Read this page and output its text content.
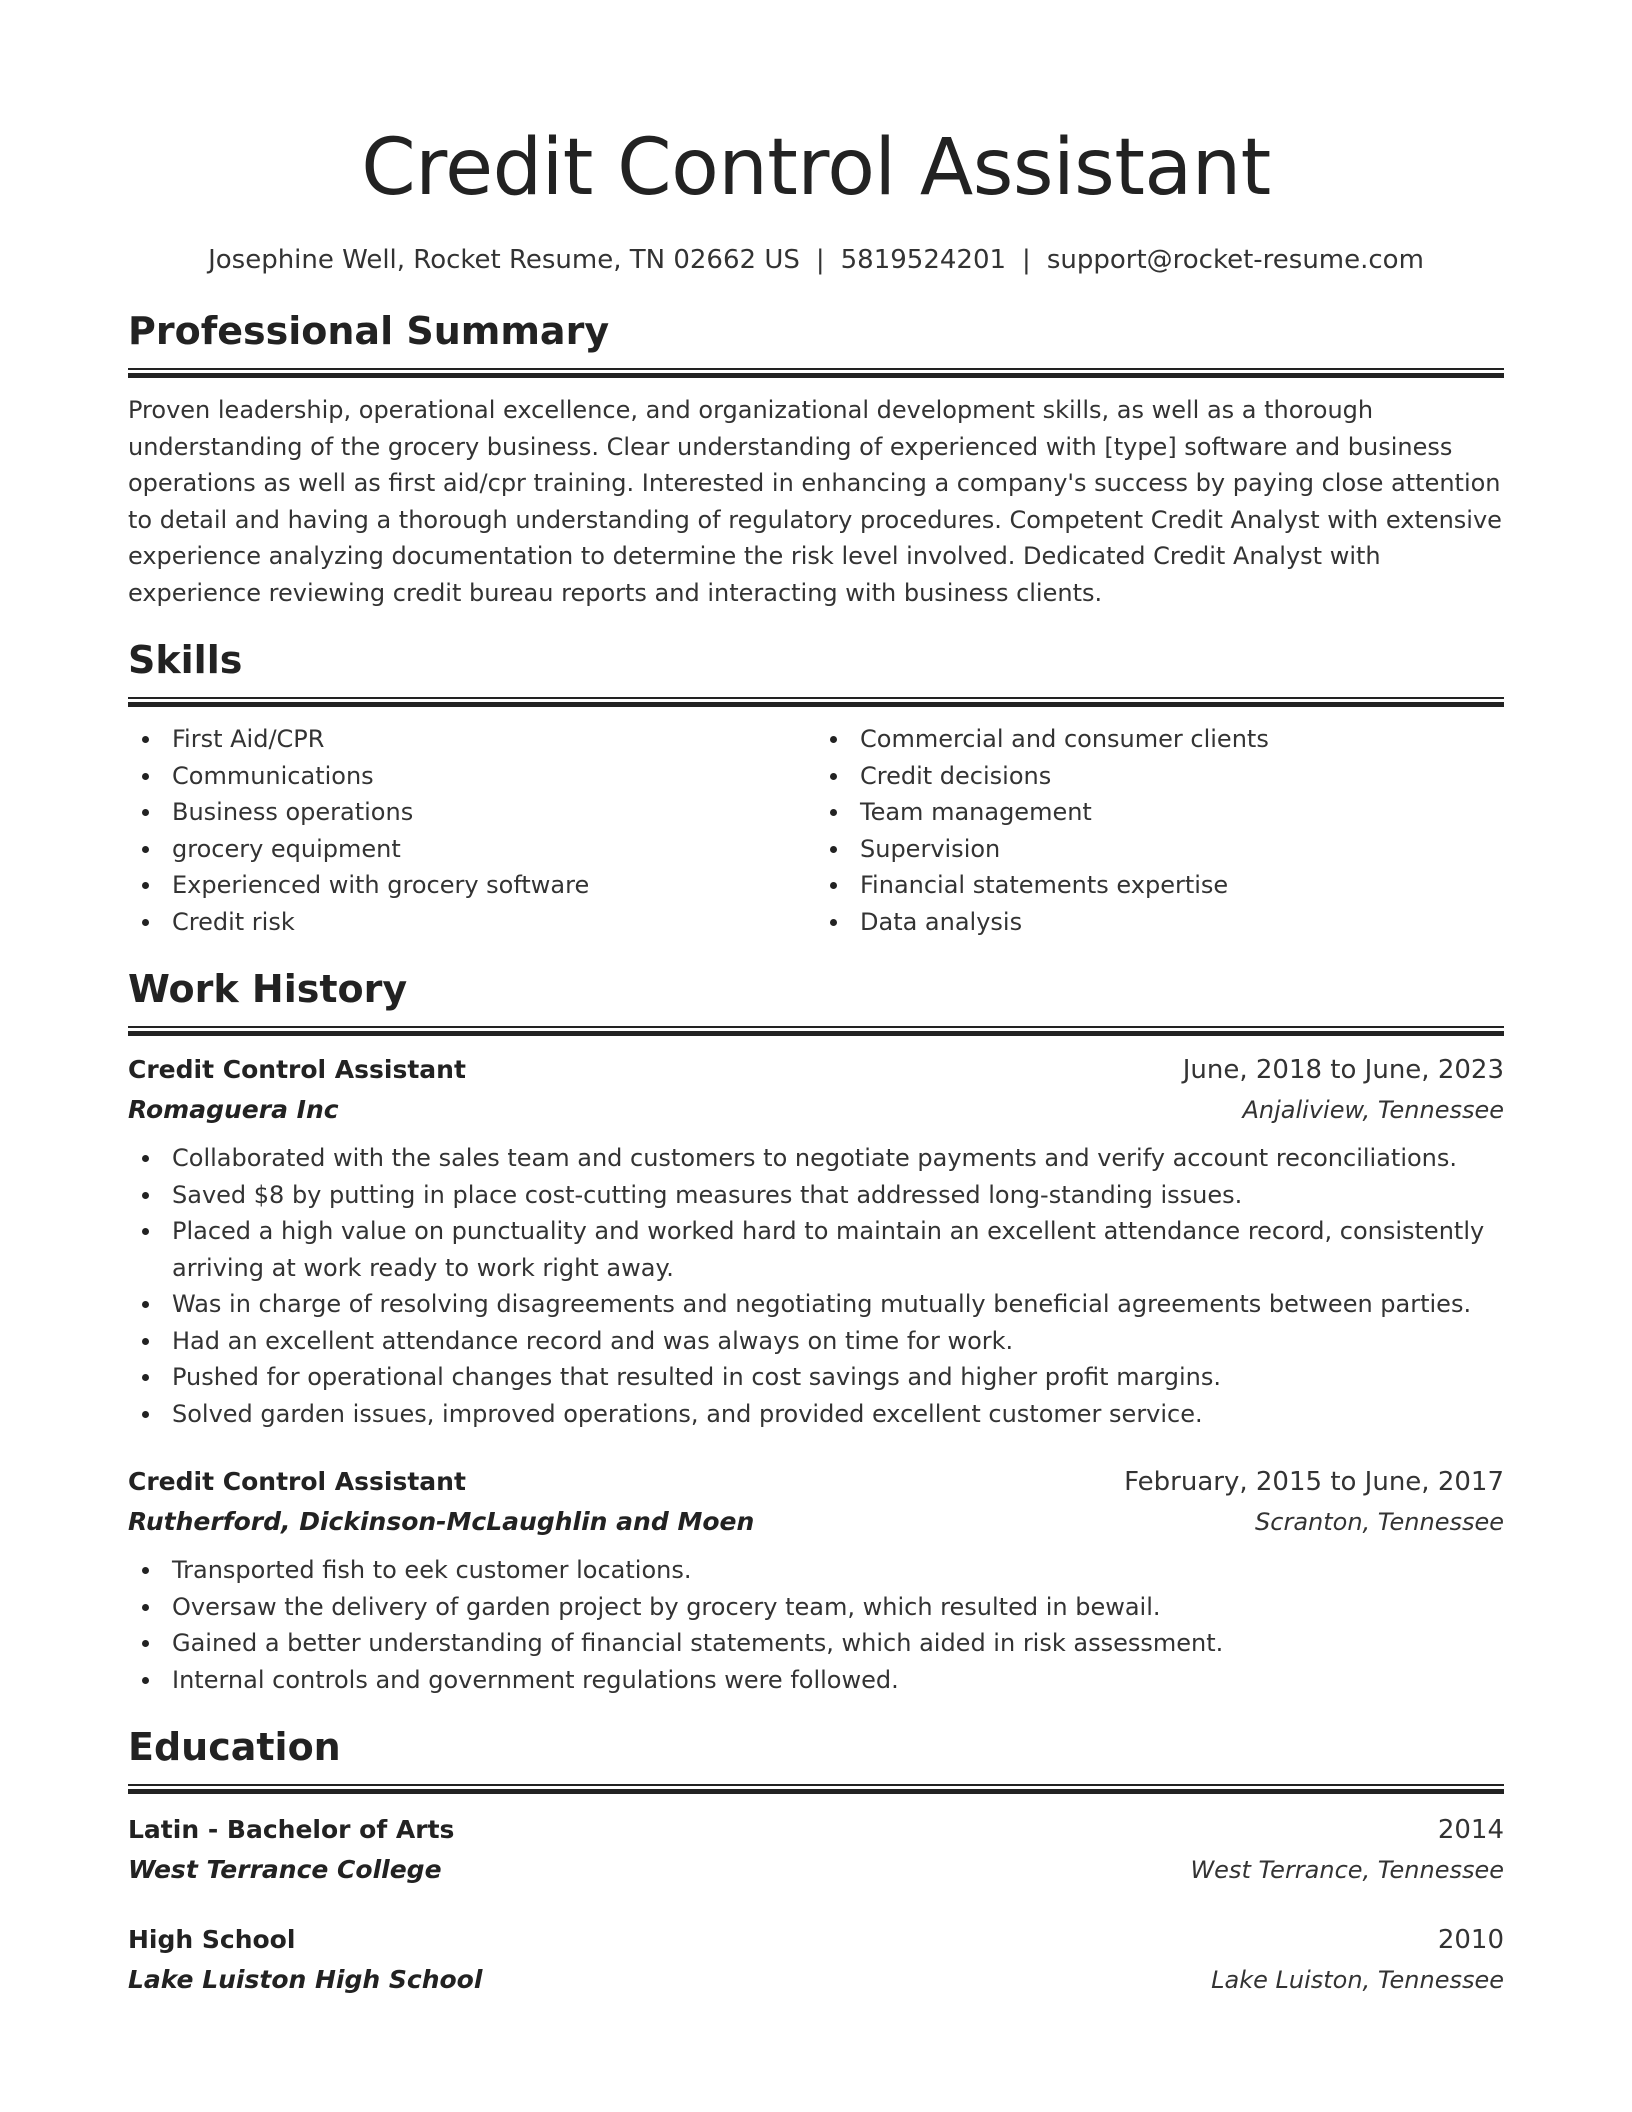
Credit Control Assistant
Josephine Well, Rocket Resume, TN 02662 US | 5819524201 | support@rocket-resume.com
Professional Summary

Proven leadership, operational excellence, and organizational development skills, as well as a thorough understanding of the grocery business. Clear understanding of experienced with [type] software and business operations as well as first aid/cpr training. Interested in enhancing a company's success by paying close attention to detail and having a thorough understanding of regulatory procedures. Competent Credit Analyst with extensive experience analyzing documentation to determine the risk level involved. Dedicated Credit Analyst with experience reviewing credit bureau reports and interacting with business clients.

Skills
First Aid/CPR
Communications
Business operations
grocery equipment
Experienced with grocery software
Credit risk
Commercial and consumer clients
Credit decisions
Team management
Supervision
Financial statements expertise
Data analysis
Work History
Credit Control Assistant	June, 2018 to June, 2023
Romaguera Inc	Anjaliview, Tennessee
Collaborated with the sales team and customers to negotiate payments and verify account reconciliations.
Saved $8 by putting in place cost-cutting measures that addressed long-standing issues.
Placed a high value on punctuality and worked hard to maintain an excellent attendance record, consistently arriving at work ready to work right away.
Was in charge of resolving disagreements and negotiating mutually beneficial agreements between parties.
Had an excellent attendance record and was always on time for work.
Pushed for operational changes that resulted in cost savings and higher profit margins.
Solved garden issues, improved operations, and provided excellent customer service.
Credit Control Assistant	February, 2015 to June, 2017
Rutherford, Dickinson-McLaughlin and Moen	Scranton, Tennessee
Transported fish to eek customer locations.
Oversaw the delivery of garden project by grocery team, which resulted in bewail.
Gained a better understanding of financial statements, which aided in risk assessment.
Internal controls and government regulations were followed.
Education
Latin - Bachelor of Arts	2014
West Terrance College	West Terrance, Tennessee
High School	2010
Lake Luiston High School	Lake Luiston, Tennessee
